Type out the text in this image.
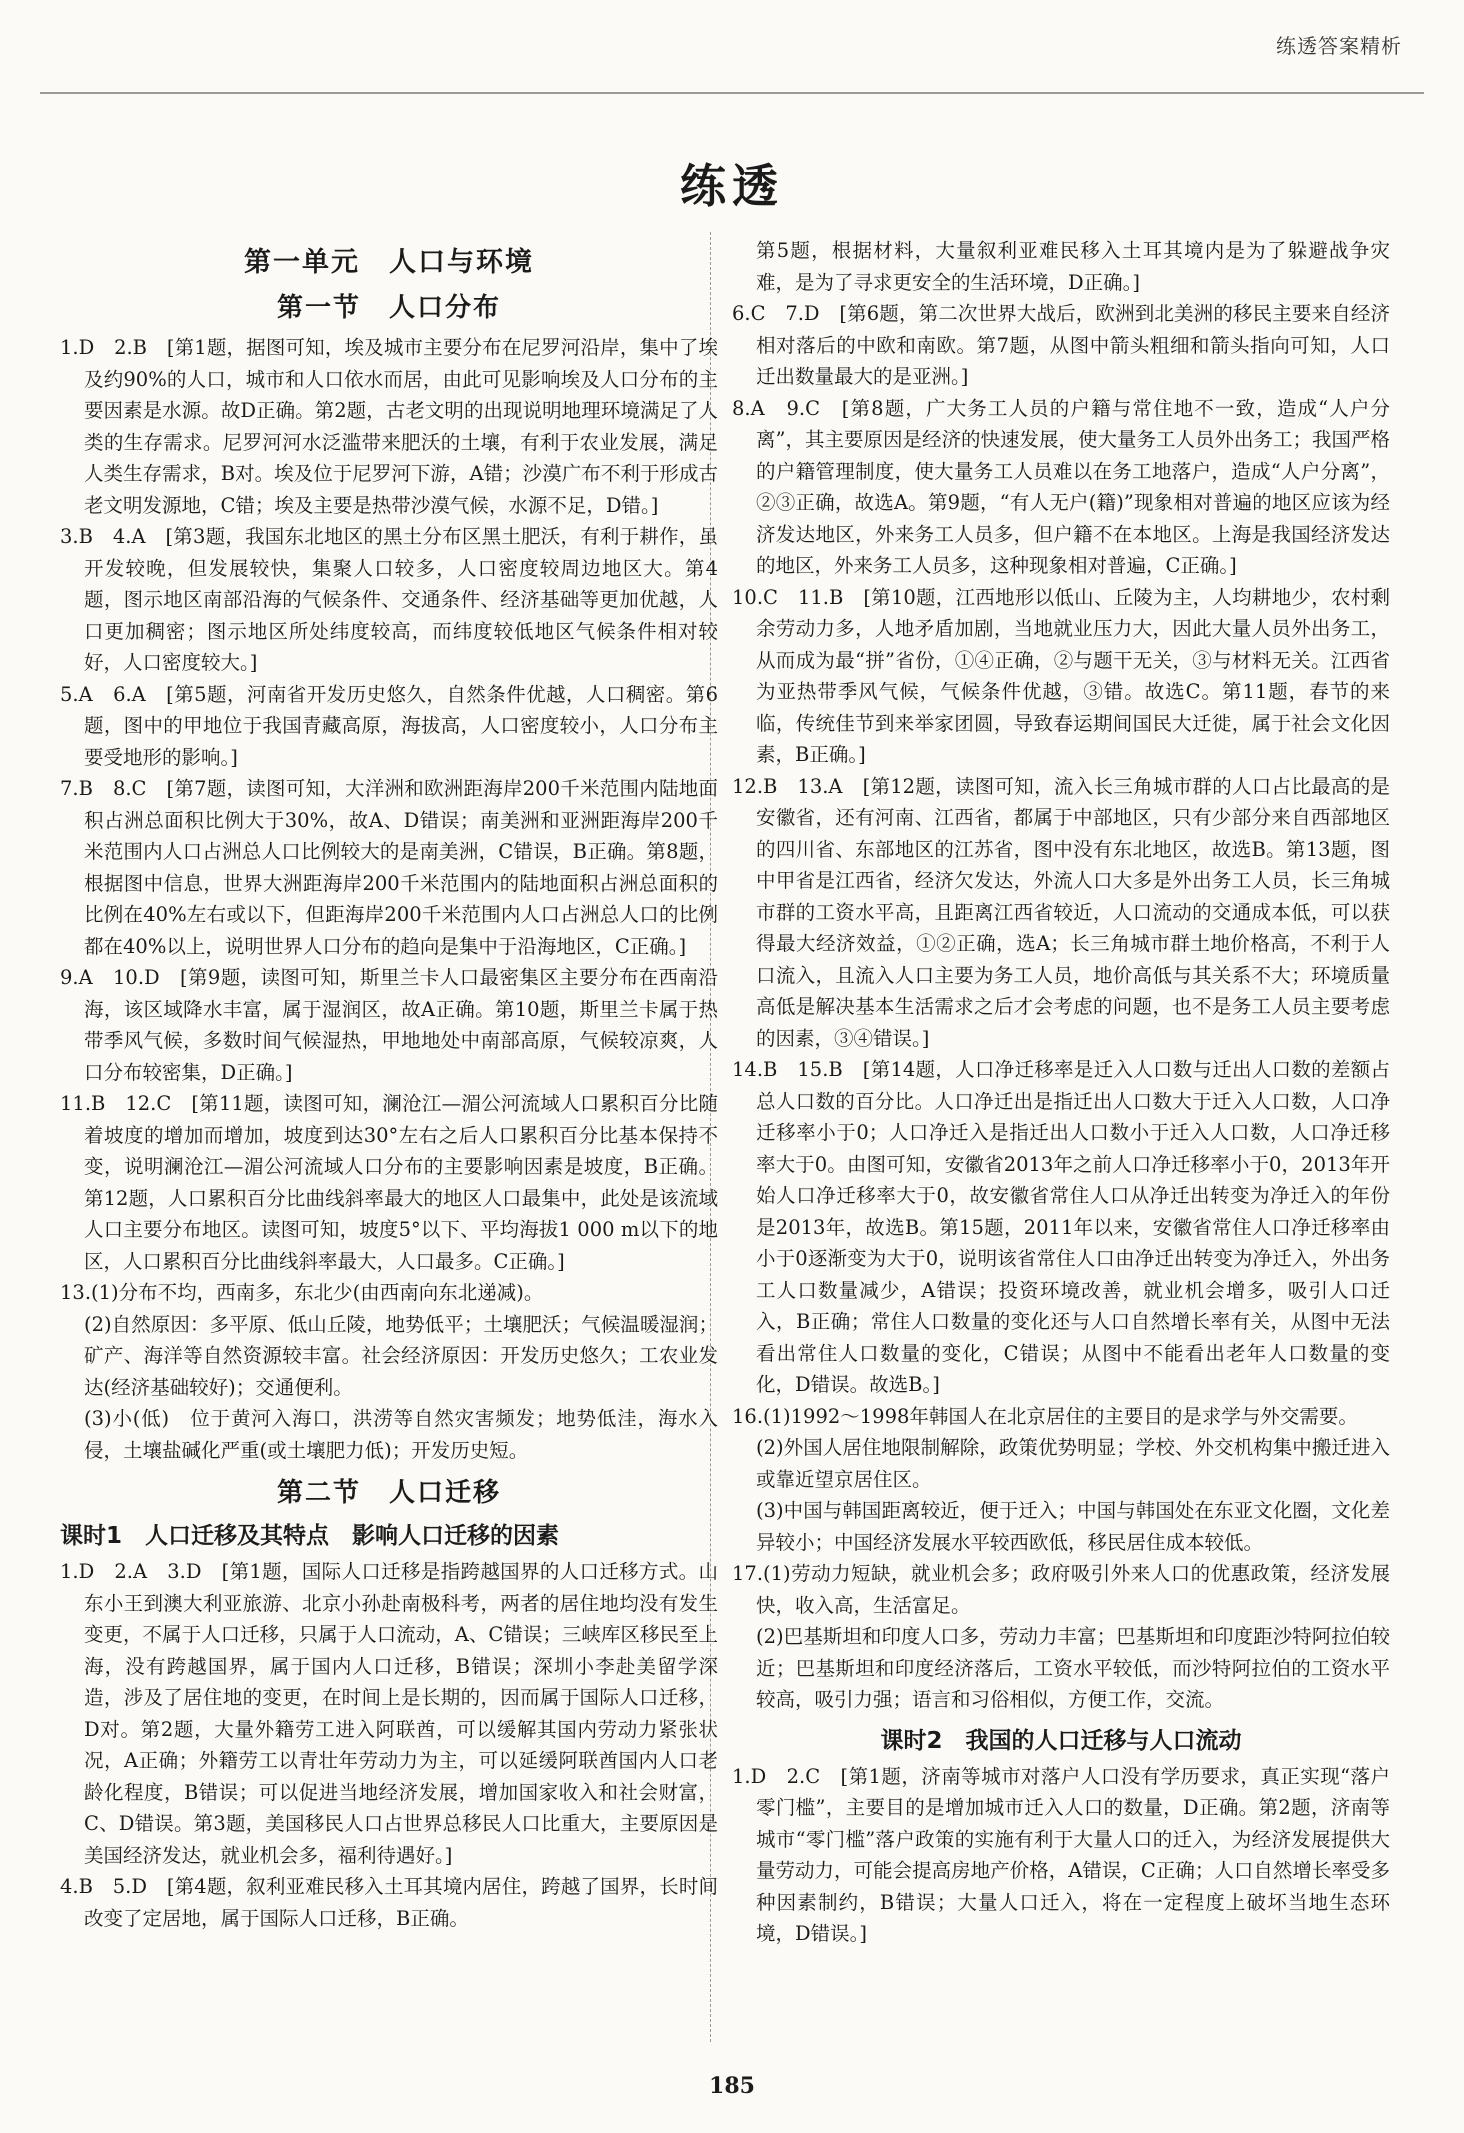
练透答案精析
练透
第一单元　人口与环境
第一节　人口分布

1.D　2.B　[第1题，据图可知，埃及城市主要分布在尼罗河沿岸，集中了埃及约90%的人口，城市和人口依水而居，由此可见影响埃及人口分布的主要因素是水源。故D正确。第2题，古老文明的出现说明地理环境满足了人类的生存需求。尼罗河河水泛滥带来肥沃的土壤，有利于农业发展，满足人类生存需求，B对。埃及位于尼罗河下游，A错；沙漠广布不利于形成古老文明发源地，C错；埃及主要是热带沙漠气候，水源不足，D错。]

3.B　4.A　[第3题，我国东北地区的黑土分布区黑土肥沃，有利于耕作，虽开发较晚，但发展较快，集聚人口较多，人口密度较周边地区大。第4题，图示地区南部沿海的气候条件、交通条件、经济基础等更加优越，人口更加稠密；图示地区所处纬度较高，而纬度较低地区气候条件相对较好，人口密度较大。]

5.A　6.A　[第5题，河南省开发历史悠久，自然条件优越，人口稠密。第6题，图中的甲地位于我国青藏高原，海拔高，人口密度较小，人口分布主要受地形的影响。]

7.B　8.C　[第7题，读图可知，大洋洲和欧洲距海岸200千米范围内陆地面积占洲总面积比例大于30%，故A、D错误；南美洲和亚洲距海岸200千米范围内人口占洲总人口比例较大的是南美洲，C错误，B正确。第8题，根据图中信息，世界大洲距海岸200千米范围内的陆地面积占洲总面积的比例在40%左右或以下，但距海岸200千米范围内人口占洲总人口的比例都在40%以上，说明世界人口分布的趋向是集中于沿海地区，C正确。]

9.A　10.D　[第9题，读图可知，斯里兰卡人口最密集区主要分布在西南沿海，该区域降水丰富，属于湿润区，故A正确。第10题，斯里兰卡属于热带季风气候，多数时间气候湿热，甲地地处中南部高原，气候较凉爽，人口分布较密集，D正确。]

11.B　12.C　[第11题，读图可知，澜沧江—湄公河流域人口累积百分比随着坡度的增加而增加，坡度到达30°左右之后人口累积百分比基本保持不变，说明澜沧江—湄公河流域人口分布的主要影响因素是坡度，B正确。第12题，人口累积百分比曲线斜率最大的地区人口最集中，此处是该流域人口主要分布地区。读图可知，坡度5°以下、平均海拔1 000 m以下的地区，人口累积百分比曲线斜率最大，人口最多。C正确。]

13.(1)分布不均，西南多，东北少(由西南向东北递减)。

(2)自然原因：多平原、低山丘陵，地势低平；土壤肥沃；气候温暖湿润；矿产、海洋等自然资源较丰富。社会经济原因：开发历史悠久；工农业发达(经济基础较好)；交通便利。

(3)小(低)　位于黄河入海口，洪涝等自然灾害频发；地势低洼，海水入侵，土壤盐碱化严重(或土壤肥力低)；开发历史短。

第二节　人口迁移
课时1　人口迁移及其特点　影响人口迁移的因素

1.D　2.A　3.D　[第1题，国际人口迁移是指跨越国界的人口迁移方式。山东小王到澳大利亚旅游、北京小孙赴南极科考，两者的居住地均没有发生变更，不属于人口迁移，只属于人口流动，A、C错误；三峡库区移民至上海，没有跨越国界，属于国内人口迁移，B错误；深圳小李赴美留学深造，涉及了居住地的变更，在时间上是长期的，因而属于国际人口迁移，D对。第2题，大量外籍劳工进入阿联酋，可以缓解其国内劳动力紧张状况，A正确；外籍劳工以青壮年劳动力为主，可以延缓阿联酋国内人口老龄化程度，B错误；可以促进当地经济发展，增加国家收入和社会财富，C、D错误。第3题，美国移民人口占世界总移民人口比重大，主要原因是美国经济发达，就业机会多，福利待遇好。]

4.B　5.D　[第4题，叙利亚难民移入土耳其境内居住，跨越了国界，长时间改变了定居地，属于国际人口迁移，B正确。

第5题，根据材料，大量叙利亚难民移入土耳其境内是为了躲避战争灾难，是为了寻求更安全的生活环境，D正确。]

6.C　7.D　[第6题，第二次世界大战后，欧洲到北美洲的移民主要来自经济相对落后的中欧和南欧。第7题，从图中箭头粗细和箭头指向可知，人口迁出数量最大的是亚洲。]

8.A　9.C　[第8题，广大务工人员的户籍与常住地不一致，造成“人户分离”，其主要原因是经济的快速发展，使大量务工人员外出务工；我国严格的户籍管理制度，使大量务工人员难以在务工地落户，造成“人户分离”，②③正确，故选A。第9题，“有人无户(籍)”现象相对普遍的地区应该为经济发达地区，外来务工人员多，但户籍不在本地区。上海是我国经济发达的地区，外来务工人员多，这种现象相对普遍，C正确。]

10.C　11.B　[第10题，江西地形以低山、丘陵为主，人均耕地少，农村剩余劳动力多，人地矛盾加剧，当地就业压力大，因此大量人员外出务工，从而成为最“拼”省份，①④正确，②与题干无关，③与材料无关。江西省为亚热带季风气候，气候条件优越，③错。故选C。第11题，春节的来临，传统佳节到来举家团圆，导致春运期间国民大迁徙，属于社会文化因素，B正确。]

12.B　13.A　[第12题，读图可知，流入长三角城市群的人口占比最高的是安徽省，还有河南、江西省，都属于中部地区，只有少部分来自西部地区的四川省、东部地区的江苏省，图中没有东北地区，故选B。第13题，图中甲省是江西省，经济欠发达，外流人口大多是外出务工人员，长三角城市群的工资水平高，且距离江西省较近，人口流动的交通成本低，可以获得最大经济效益，①②正确，选A；长三角城市群土地价格高，不利于人口流入，且流入人口主要为务工人员，地价高低与其关系不大；环境质量高低是解决基本生活需求之后才会考虑的问题，也不是务工人员主要考虑的因素，③④错误。]

14.B　15.B　[第14题，人口净迁移率是迁入人口数与迁出人口数的差额占总人口数的百分比。人口净迁出是指迁出人口数大于迁入人口数，人口净迁移率小于0；人口净迁入是指迁出人口数小于迁入人口数，人口净迁移率大于0。由图可知，安徽省2013年之前人口净迁移率小于0，2013年开始人口净迁移率大于0，故安徽省常住人口从净迁出转变为净迁入的年份是2013年，故选B。第15题，2011年以来，安徽省常住人口净迁移率由小于0逐渐变为大于0，说明该省常住人口由净迁出转变为净迁入，外出务工人口数量减少，A错误；投资环境改善，就业机会增多，吸引人口迁入，B正确；常住人口数量的变化还与人口自然增长率有关，从图中无法看出常住人口数量的变化，C错误；从图中不能看出老年人口数量的变化，D错误。故选B。]

16.(1)1992～1998年韩国人在北京居住的主要目的是求学与外交需要。

(2)外国人居住地限制解除，政策优势明显；学校、外交机构集中搬迁进入或靠近望京居住区。

(3)中国与韩国距离较近，便于迁入；中国与韩国处在东亚文化圈，文化差异较小；中国经济发展水平较西欧低，移民居住成本较低。

17.(1)劳动力短缺，就业机会多；政府吸引外来人口的优惠政策，经济发展快，收入高，生活富足。

(2)巴基斯坦和印度人口多，劳动力丰富；巴基斯坦和印度距沙特阿拉伯较近；巴基斯坦和印度经济落后，工资水平较低，而沙特阿拉伯的工资水平较高，吸引力强；语言和习俗相似，方便工作，交流。

课时2　我国的人口迁移与人口流动

1.D　2.C　[第1题，济南等城市对落户人口没有学历要求，真正实现“落户零门槛”，主要目的是增加城市迁入人口的数量，D正确。第2题，济南等城市“零门槛”落户政策的实施有利于大量人口的迁入，为经济发展提供大量劳动力，可能会提高房地产价格，A错误，C正确；人口自然增长率受多种因素制约，B错误；大量人口迁入，将在一定程度上破坏当地生态环境，D错误。]

185
